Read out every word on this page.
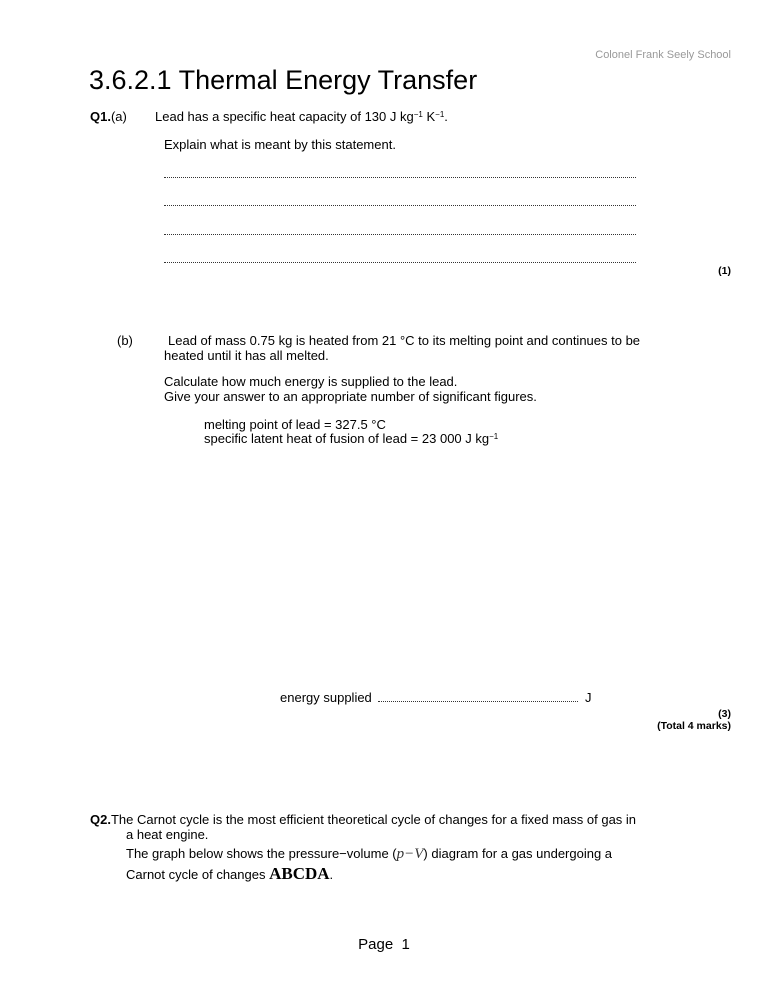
Colonel Frank Seely School
3.6.2.1 Thermal Energy Transfer
Q1.(a) Lead has a specific heat capacity of 130 J $kg^{-1}$ $K^{-1}$.
Explain what is meant by this statement.
(1)
(b)	Lead of mass 0.75 kg is heated from 21 °C to its melting point and continues to be
heated until it has all melted.
Calculate how much energy is supplied to the lead.
Give your answer to an appropriate number of significant figures.
melting point of lead = 327.5 °C
specific latent heat of fusion of lead = 23 000 J $kg^{-1}$
energy supplied	J
(3)
(Total 4 marks)
Q2.The Carnot cycle is the most efficient theoretical cycle of changes for a fixed mass of gas in
a heat engine.
The graph below shows the pressure−volume (p−V) diagram for a gas undergoing a
Carnot cycle of changes ABCDA.
Page  1
